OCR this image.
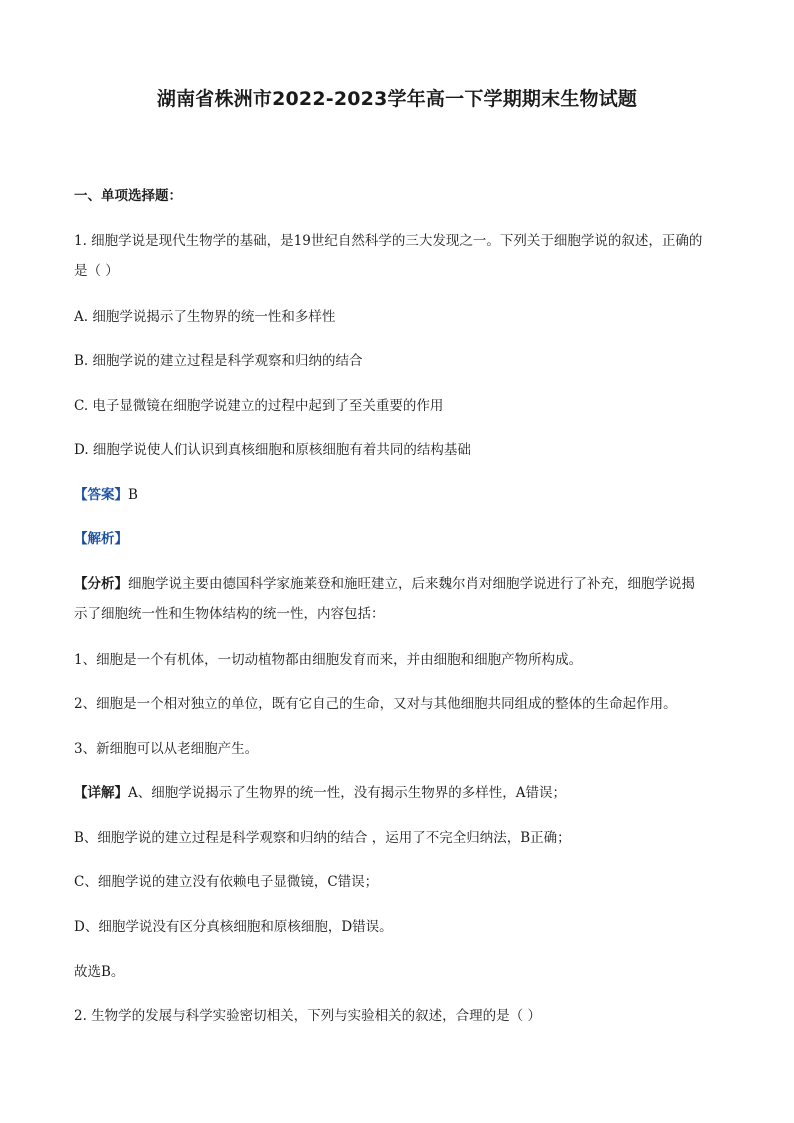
湖南省株洲市2022-2023学年高一下学期期末生物试题
一、单项选择题：
1. 细胞学说是现代生物学的基础，是19世纪自然科学的三大发现之一。下列关于细胞学说的叙述，正确的
是（ ）
A. 细胞学说揭示了生物界的统一性和多样性
B. 细胞学说的建立过程是科学观察和归纳的结合
C. 电子显微镜在细胞学说建立的过程中起到了至关重要的作用
D. 细胞学说使人们认识到真核细胞和原核细胞有着共同的结构基础
【答案】B
【解析】
【分析】细胞学说主要由德国科学家施莱登和施旺建立，后来魏尔肖对细胞学说进行了补充，细胞学说揭
示了细胞统一性和生物体结构的统一性，内容包括：
1、细胞是一个有机体，一切动植物都由细胞发育而来，并由细胞和细胞产物所构成。
2、细胞是一个相对独立的单位，既有它自己的生命，又对与其他细胞共同组成的整体的生命起作用。
3、新细胞可以从老细胞产生。
【详解】A、细胞学说揭示了生物界的统一性，没有揭示生物界的多样性，A错误；
B、细胞学说的建立过程是科学观察和归纳的结合 ，运用了不完全归纳法，B正确；
C、细胞学说的建立没有依赖电子显微镜，C错误；
D、细胞学说没有区分真核细胞和原核细胞，D错误。
故选B。
2. 生物学的发展与科学实验密切相关，下列与实验相关的叙述，合理的是（ ）
